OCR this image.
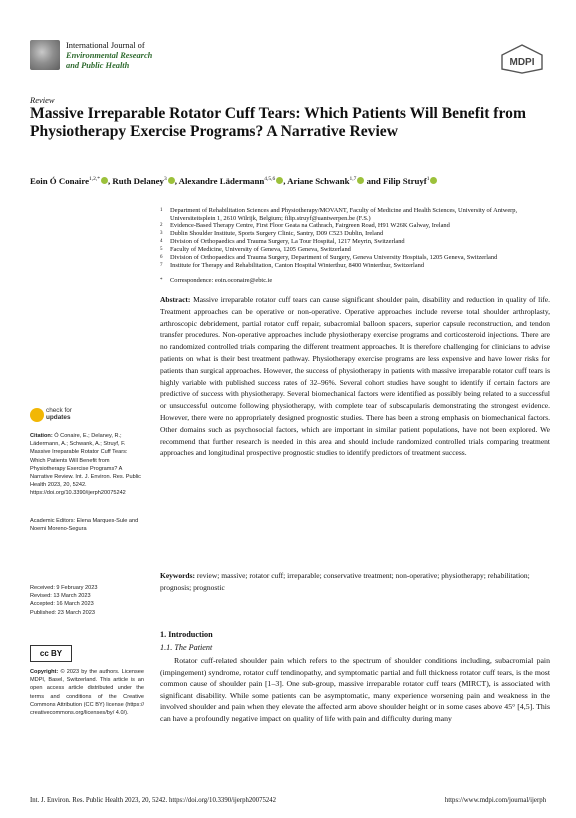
International Journal of
Environmental Research
and Public Health	MDPI
Review
Massive Irreparable Rotator Cuff Tears: Which Patients Will Benefit from Physiotherapy Exercise Programs? A Narrative Review
Eoin Ó Conaire$^{1,2,*}$ , Ruth Delaney$^3$ , Alexandre Lädermann$^{4,5,6}$ , Ariane Schwank$^{1,7}$ and Filip Struyf$^1$
1 Department of Rehabilitation Sciences and Physiotherapy/MOVANT, Faculty of Medicine and Health Sciences, University of Antwerp, Universiteitsplein 1, 2610 Wilrijk, Belgium; filip.struyf@uantwerpen.be (F.S.)
2 Evidence-Based Therapy Centre, First Floor Geata na Cathrach, Fairgreen Road, H91 W26K Galway, Ireland
3 Dublin Shoulder Institute, Sports Surgery Clinic, Santry, D09 C523 Dublin, Ireland
4 Division of Orthopaedics and Trauma Surgery, La Tour Hospital, 1217 Meyrin, Switzerland
5 Faculty of Medicine, University of Geneva, 1205 Geneva, Switzerland
6 Division of Orthopaedics and Trauma Surgery, Department of Surgery, Geneva University Hospitals, 1205 Geneva, Switzerland
7 Institute for Therapy and Rehabilitation, Canton Hospital Winterthur, 8400 Winterthur, Switzerland
* Correspondence: eoin.oconaire@ebtc.ie
Abstract: Massive irreparable rotator cuff tears can cause significant shoulder pain, disability and reduction in quality of life. Treatment approaches can be operative or non-operative. Operative approaches include reverse total shoulder arthroplasty, arthroscopic debridement, partial rotator cuff repair, subacromial balloon spacers, superior capsule reconstruction, and tendon transfer procedures. Non-operative approaches include physiotherapy exercise programs and corticosteroid injections. There are no randomized controlled trials comparing the different treatment approaches. It is therefore challenging for clinicians to advise patients on what is their best treatment pathway. Physiotherapy exercise programs are less expensive and have lower risks for patients than surgical approaches. However, the success of physiotherapy in patients with massive irreparable rotator cuff tears is highly variable with published success rates of 32–96%. Several cohort studies have sought to identify if certain factors are predictive of success with physiotherapy. Several biomechanical factors were identified as possibly being related to a successful or unsuccessful outcome following physiotherapy, with complete tear of subscapularis demonstrating the strongest evidence. However, there were no appropriately designed prognostic studies. There has been a strong emphasis on biomechanical factors. Other domains such as psychosocial factors, which are important in similar patient populations, have not been explored. We recommend that further research is needed in this area and should include randomized controlled trials comparing treatment approaches and longitudinal prospective prognostic studies to identify predictors of treatment success.
Keywords: review; massive; rotator cuff; irreparable; conservative treatment; non-operative; physiotherapy; rehabilitation; prognosis; prognostic
check for
updates
Citation: Ó Conaire, E.; Delaney, R.; Lädermann, A.; Schwank, A.; Struyf, F. Massive Irreparable Rotator Cuff Tears: Which Patients Will Benefit from Physiotherapy Exercise Programs? A Narrative Review. Int. J. Environ. Res. Public Health 2023, 20, 5242. https://doi.org/10.3390/ijerph20075242
Academic Editors: Elena Marques-Sule and Noemi Moreno-Segura
Received: 9 February 2023
Revised: 13 March 2023
Accepted: 16 March 2023
Published: 23 March 2023
cc BY
Copyright: © 2023 by the authors. Licensee MDPI, Basel, Switzerland. This article is an open access article distributed under the terms and conditions of the Creative Commons Attribution (CC BY) license (https:// creativecommons.org/licenses/by/ 4.0/).
1. Introduction
1.1. The Patient
Rotator cuff-related shoulder pain which refers to the spectrum of shoulder conditions including, subacromial pain (impingement) syndrome, rotator cuff tendinopathy, and symptomatic partial and full thickness rotator cuff tears, is the most common cause of shoulder pain [1–3]. One sub-group, massive irreparable rotator cuff tears (MIRCT), is associated with significant disability. While some patients can be asymptomatic, many experience worsening pain and weakness in the involved shoulder and pain when they elevate the affected arm above shoulder height or in some cases above 45° [4,5]. This can have a profoundly negative impact on quality of life with pain and difficulty during many
Int. J. Environ. Res. Public Health 2023, 20, 5242. https://doi.org/10.3390/ijerph20075242	https://www.mdpi.com/journal/ijerph
